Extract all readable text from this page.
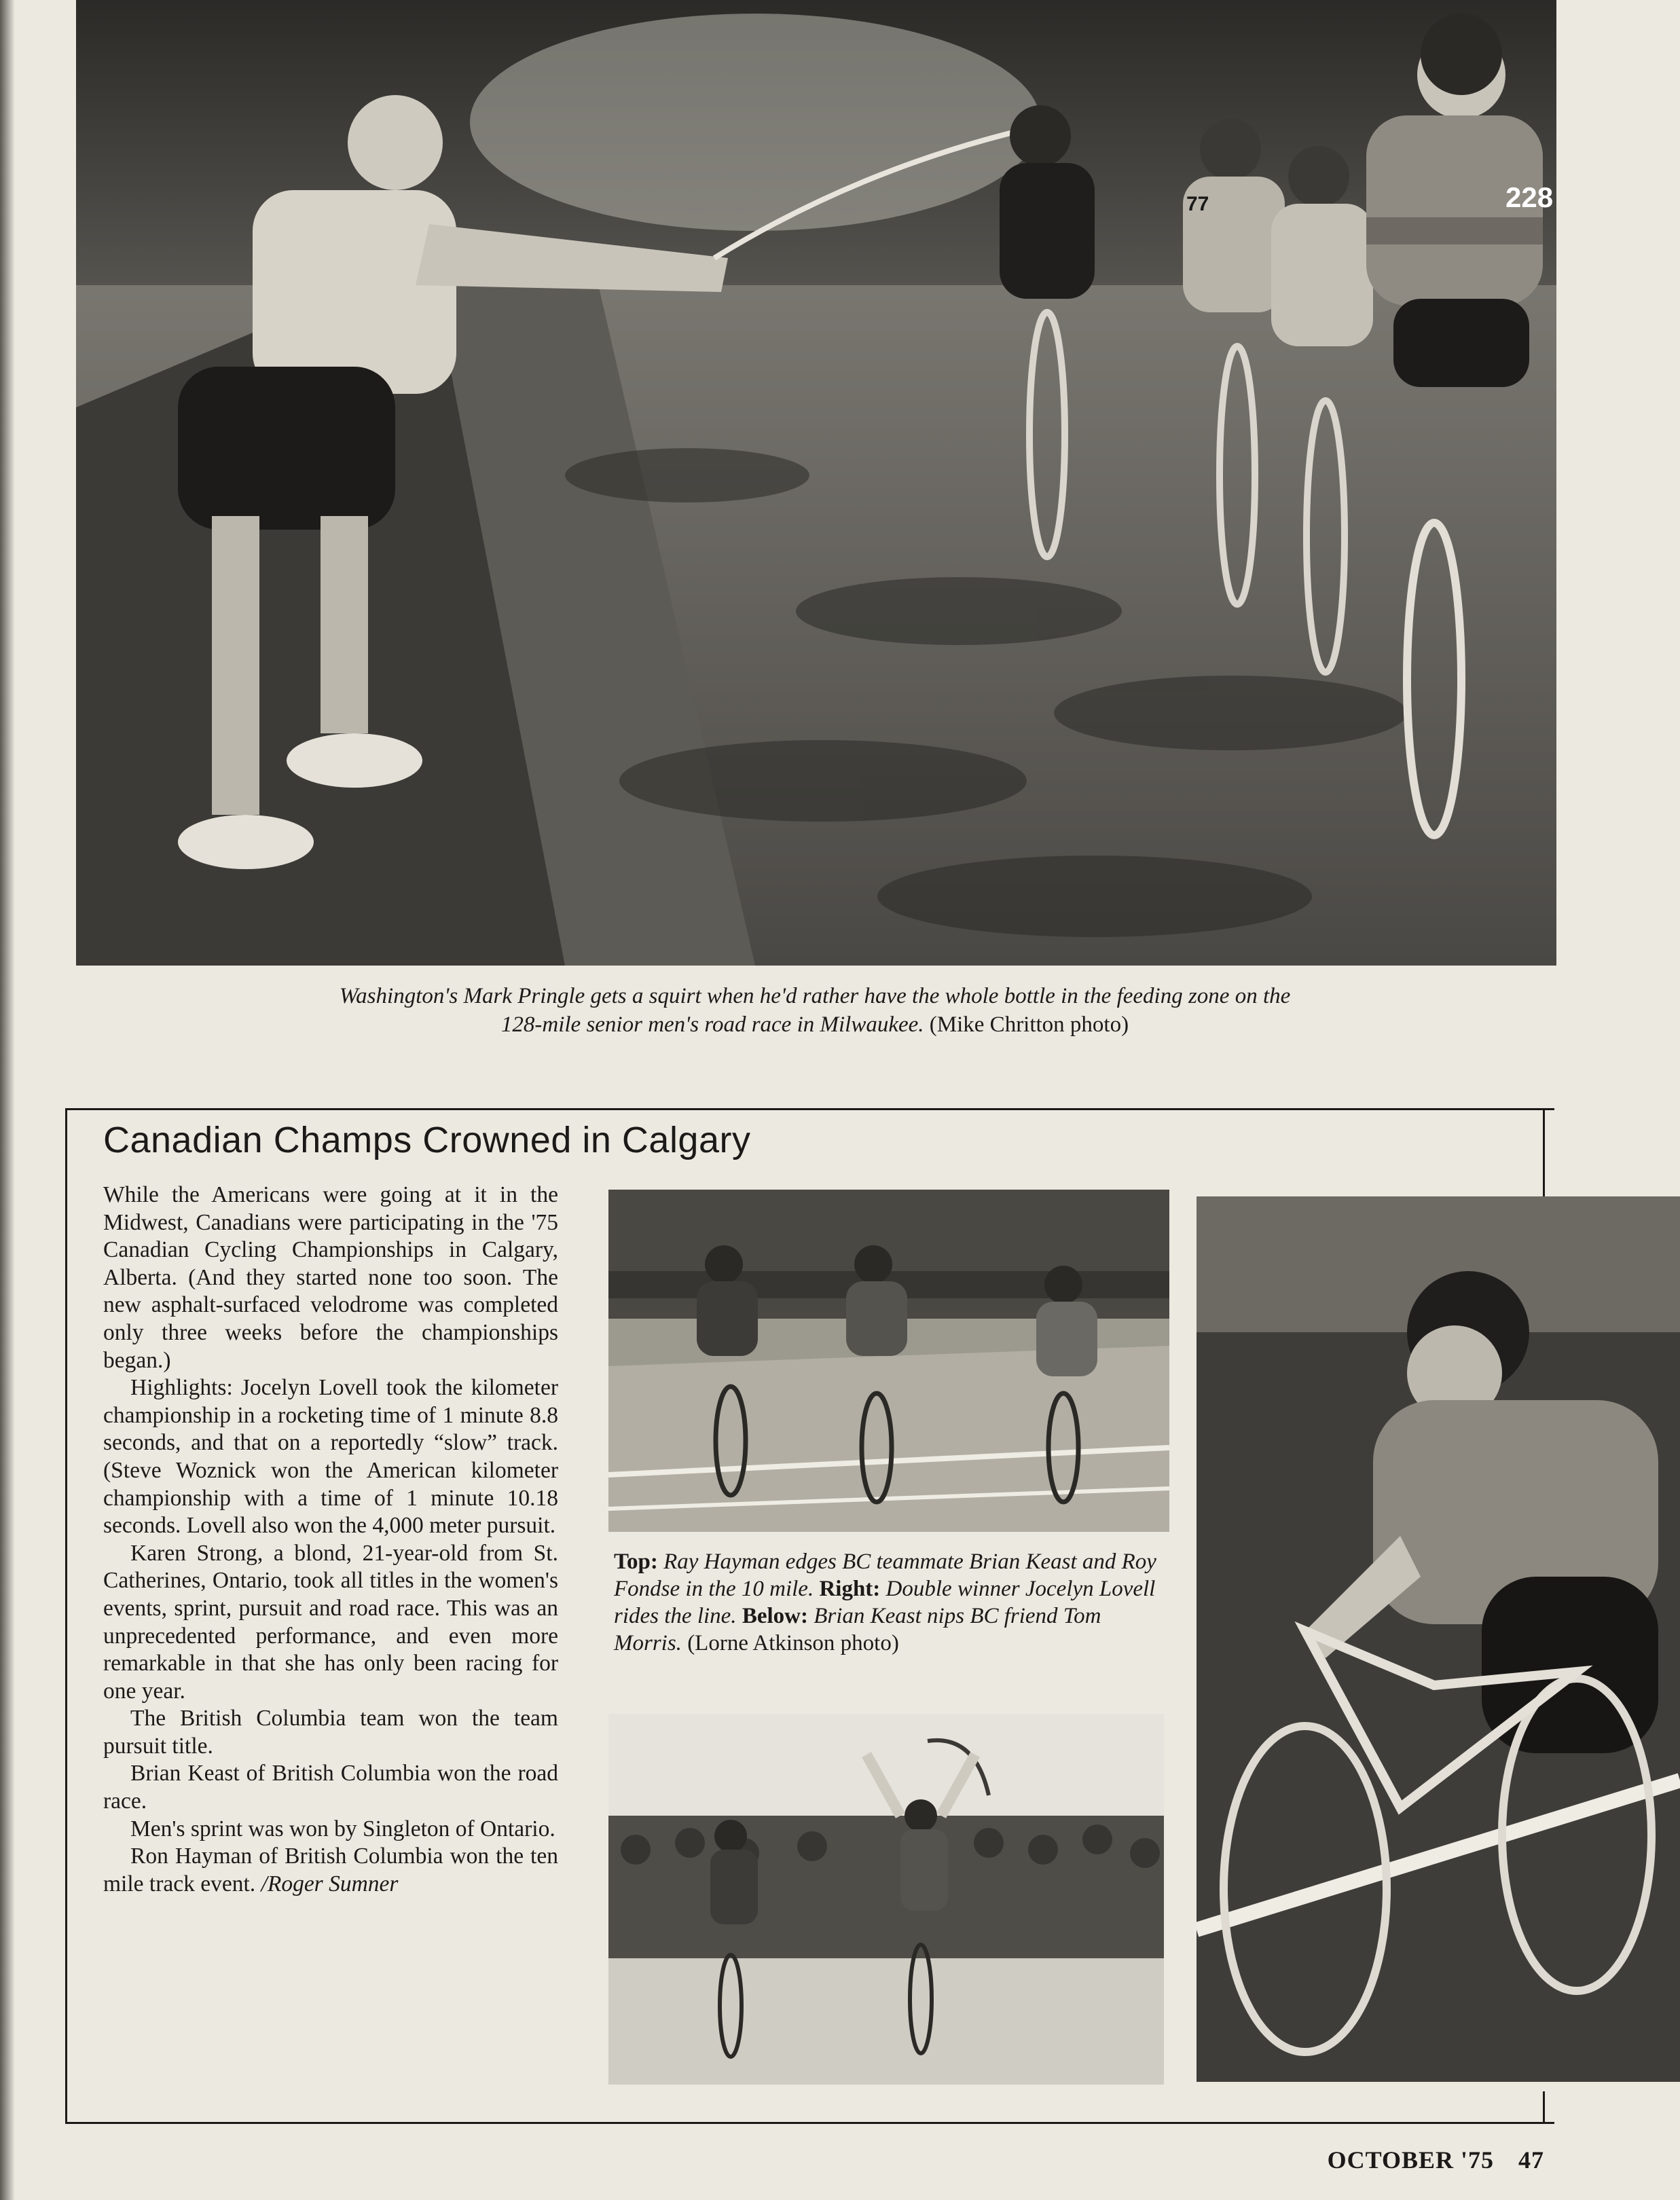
228
77
Washington's Mark Pringle gets a squirt when he'd rather have the whole bottle in the feeding zone on the
128-mile senior men's road race in Milwaukee. (Mike Chritton photo)
Canadian Champs Crowned in Calgary

While the Americans were going at it in the Midwest, Canadians were participating in the '75 Canadian Cycling Championships in Calgary, Alberta. (And they started none too soon. The new asphalt-surfaced velodrome was completed only three weeks before the championships began.)

Highlights: Jocelyn Lovell took the kilometer championship in a rocketing time of 1 minute 8.8 seconds, and that on a reportedly “slow” track. (Steve Woznick won the American kilometer championship with a time of 1 minute 10.18 seconds. Lovell also won the 4,000 meter pursuit.

Karen Strong, a blond, 21-year-old from St. Catherines, Ontario, took all titles in the women's events, sprint, pursuit and road race. This was an unprecedented performance, and even more remarkable in that she has only been racing for one year.

The British Columbia team won the team pursuit title.

Brian Keast of British Columbia won the road race.

Men's sprint was won by Singleton of Ontario.

Ron Hayman of British Columbia won the ten mile track event. /Roger Sumner

Top: Ray Hayman edges BC teammate Brian Keast and Roy Fondse in the 10 mile. Right: Double winner Jocelyn Lovell rides the line. Below: Brian Keast nips BC friend Tom Morris. (Lorne Atkinson photo)
OCTOBER '75 47
